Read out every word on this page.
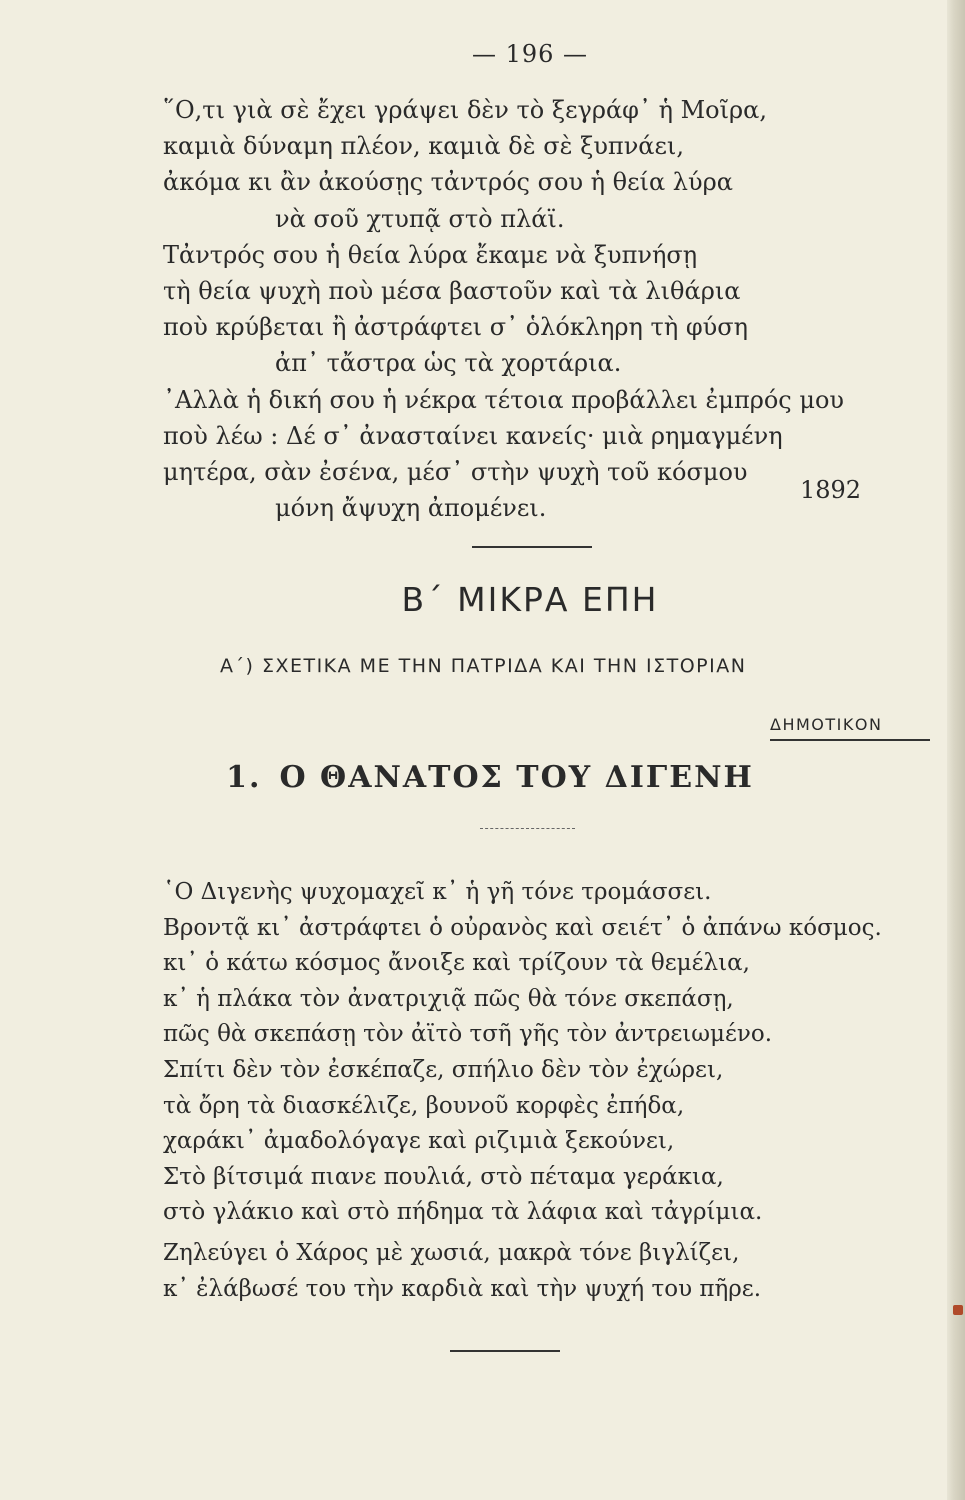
— 196 —
῞Ο,τι γιὰ σὲ ἔχει γράψει δὲν τὸ ξεγράφ᾿ ἡ Μοῖρα,
καμιὰ δύναμη πλέον, καμιὰ δὲ σὲ ξυπνάει,
ἀκόμα κι ἂν ἀκούσῃς τἀντρός σου ἡ θεία λύρα
νὰ σοῦ χτυπᾷ στὸ πλάϊ.
Τἀντρός σου ἡ θεία λύρα ἔκαμε νὰ ξυπνήσῃ
τὴ θεία ψυχὴ ποὺ μέσα βαστοῦν καὶ τὰ λιθάρια
ποὺ κρύβεται ἢ ἀστράφτει σ᾿ ὁλόκληρη τὴ φύση
ἀπ᾿ τἄστρα ὡς τὰ χορτάρια.
᾿Αλλὰ ἡ δική σου ἡ νέκρα τέτοια προβάλλει ἐμπρός μου
ποὺ λέω : Δέ σ᾿ ἀνασταίνει κανείς· μιὰ ρημαγμένη
μητέρα, σὰν ἐσένα, μέσ᾿ στὴν ψυχὴ τοῦ κόσμου
μόνη ἄψυχη ἀπομένει.
1892
Β΄ ΜΙΚΡΑ ΕΠΗ
Α΄) ΣΧΕΤΙΚΑ ΜΕ ΤΗΝ ΠΑΤΡΙΔΑ ΚΑΙ ΤΗΝ ΙΣΤΟΡΙΑΝ
ΔΗΜΟΤΙΚΟΝ
1. Ο ΘΑΝΑΤΟΣ ΤΟΥ ΔΙΓΕΝΗ
῾Ο Διγενὴς ψυχομαχεῖ κ᾿ ἡ γῆ τόνε τρομάσσει.
Βροντᾷ κι᾿ ἀστράφτει ὁ οὐρανὸς καὶ σειέτ᾿ ὁ ἀπάνω κόσμος.
κι᾿ ὁ κάτω κόσμος ἄνοιξε καὶ τρίζουν τὰ θεμέλια,
κ᾿ ἡ πλάκα τὸν ἀνατριχιᾷ πῶς θὰ τόνε σκεπάσῃ,
πῶς θὰ σκεπάσῃ τὸν ἀϊτὸ τσῆ γῆς τὸν ἀντρειωμένο.
Σπίτι δὲν τὸν ἐσκέπαζε, σπήλιο δὲν τὸν ἐχώρει,
τὰ ὄρη τὰ διασκέλιζε, βουνοῦ κορφὲς ἐπήδα,
χαράκι᾿ ἀμαδολόγαγε καὶ ριζιμιὰ ξεκούνει,
Στὸ βίτσιμά πιανε πουλιά, στὸ πέταμα γεράκια,
στὸ γλάκιο καὶ στὸ πήδημα τὰ λάφια καὶ τἀγρίμια.
Ζηλεύγει ὁ Χάρος μὲ χωσιά, μακρὰ τόνε βιγλίζει,
κ᾿ ἐλάβωσέ του τὴν καρδιὰ καὶ τὴν ψυχή του πῆρε.
